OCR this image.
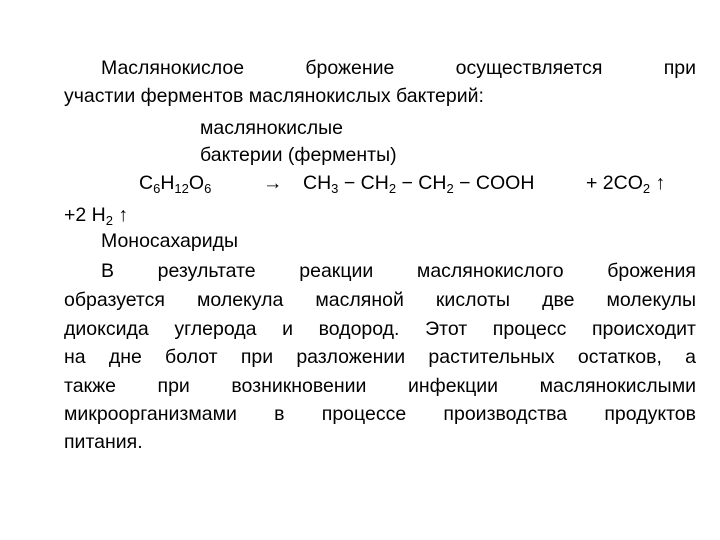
Маслянокислое брожение осуществляется при
участии ферментов маслянокислых бактерий:
маслянокислые
бактерии (ферменты)
$C_6H_{12}O_6$	→ $CH_3 - CH_2 - CH_2$ − COOH	+ $2CO_2$ ↑
+2 $H_2$ ↑
Моносахариды
В результате реакции маслянокислого брожения
образуется молекула масляной кислоты две молекулы
диоксида углерода и водород. Этот процесс происходит
на дне болот при разложении растительных остатков, а
также при возникновении инфекции маслянокислыми
микроорганизмами в процессе производства продуктов
питания.
